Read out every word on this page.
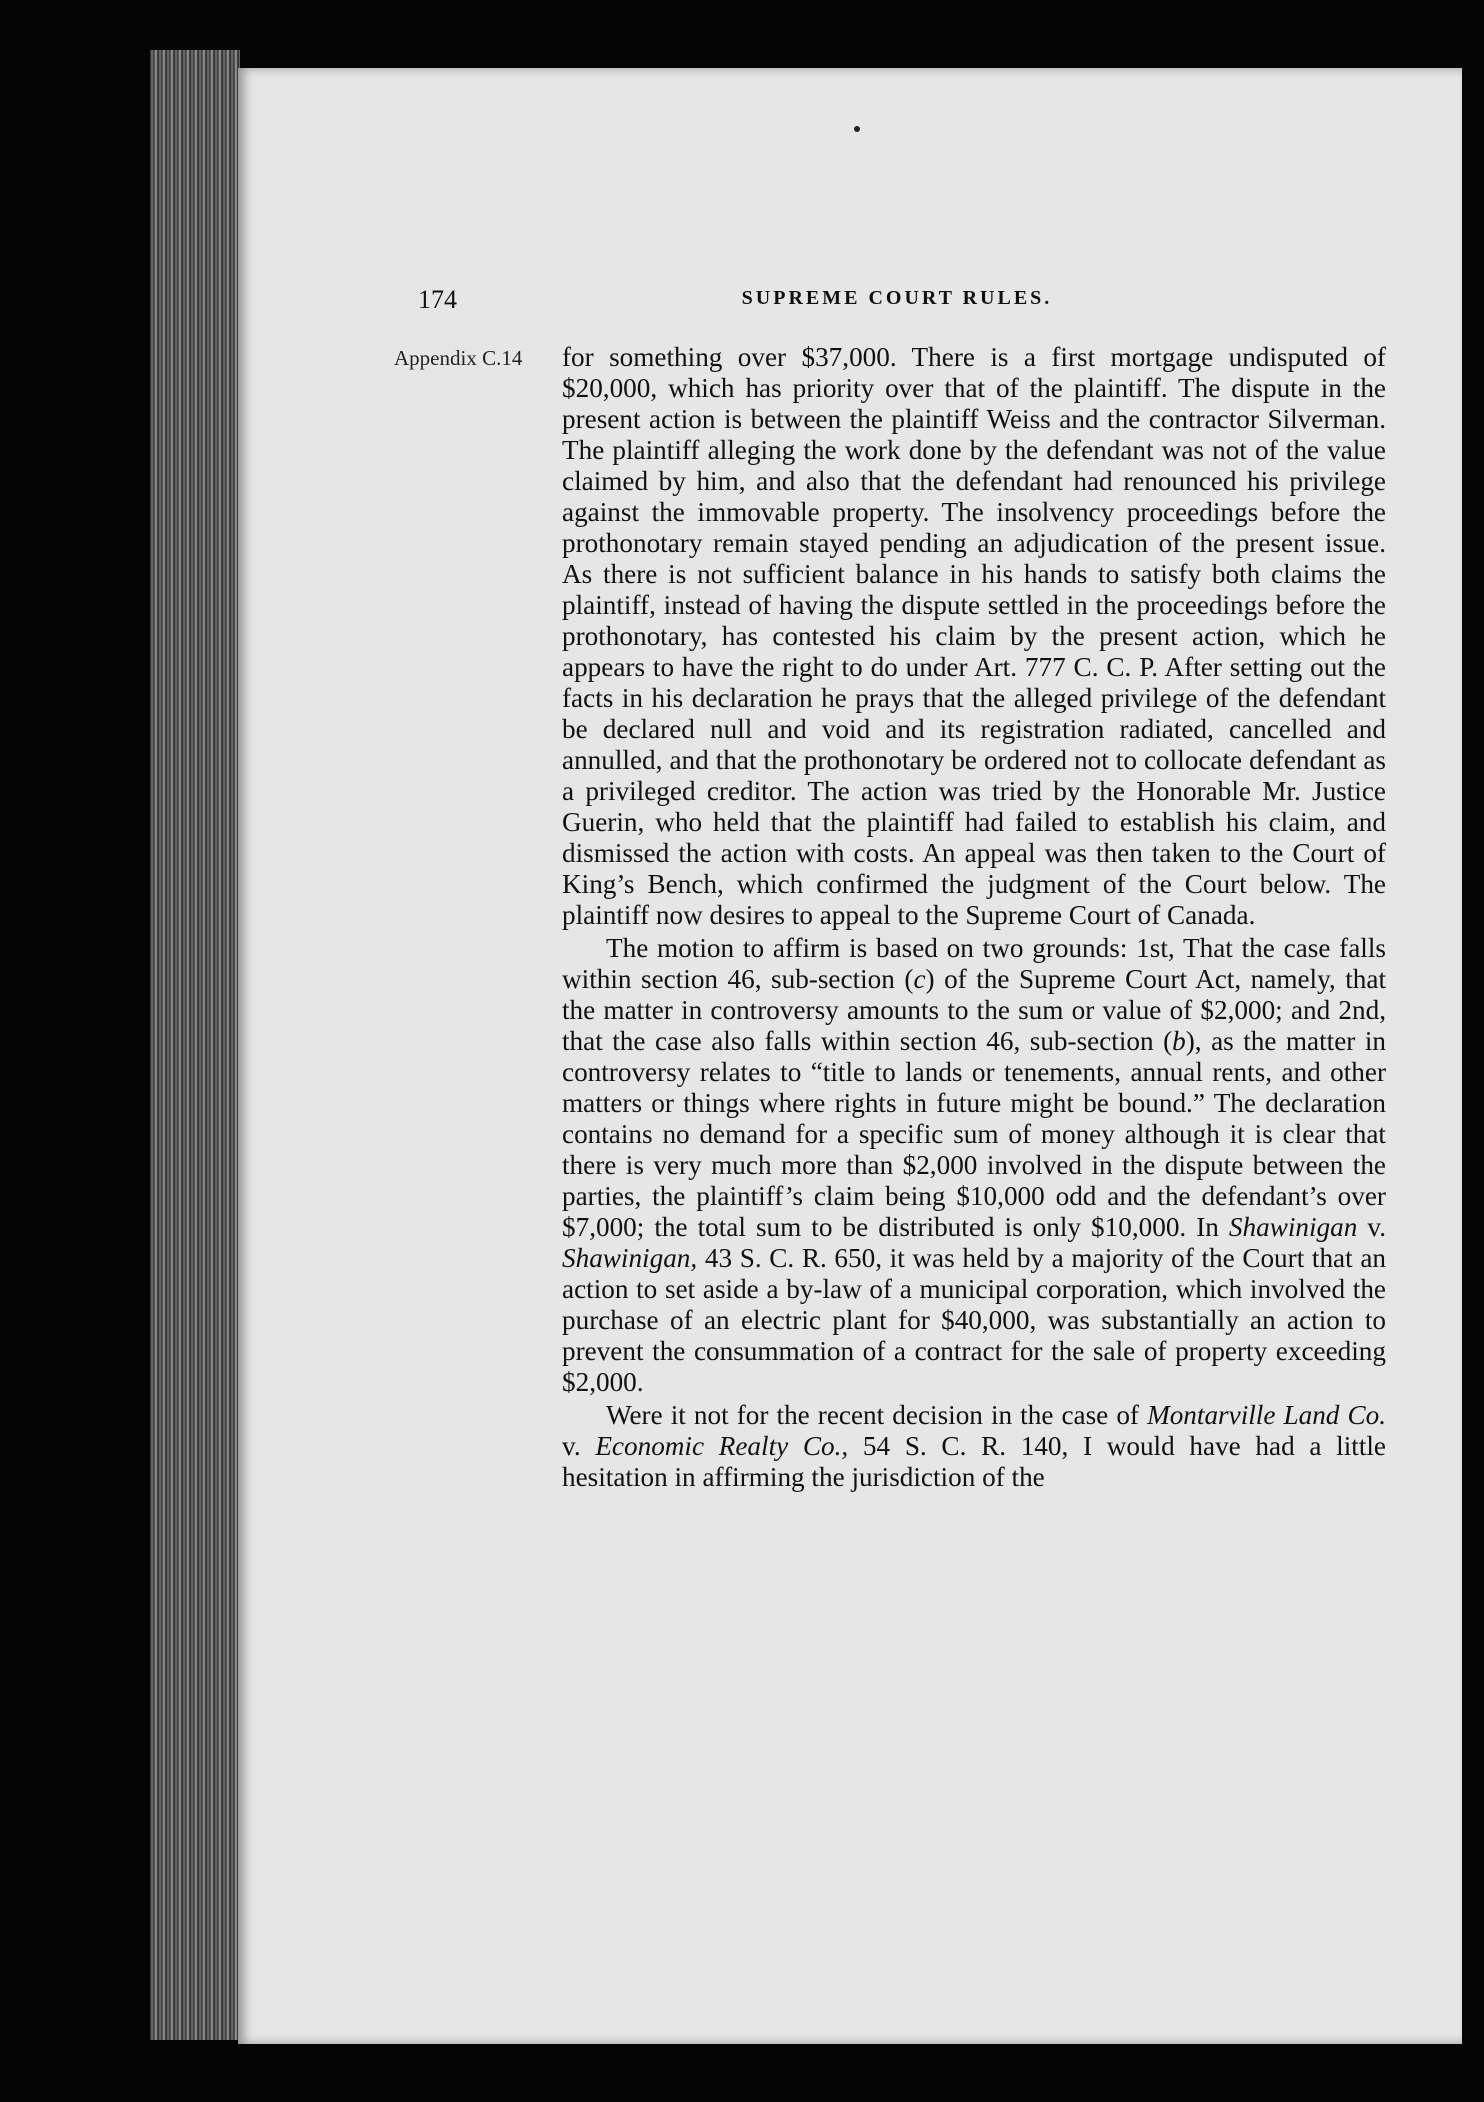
174	SUPREME COURT RULES.
Appendix C.14 for something over $37,000. There is a first mortgage undisputed of $20,000, which has priority over that of the plaintiff. The dispute in the present action is between the plaintiff Weiss and the contractor Silverman. The plaintiff alleging the work done by the defendant was not of the value claimed by him, and also that the defendant had renounced his privilege against the immovable property. The insolvency proceedings before the prothonotary remain stayed pending an adjudication of the present issue. As there is not sufficient balance in his hands to satisfy both claims the plaintiff, instead of having the dispute settled in the proceedings before the prothonotary, has contested his claim by the present action, which he appears to have the right to do under Art. 777 C. C. P. After setting out the facts in his declaration he prays that the alleged privilege of the defendant be declared null and void and its registration radiated, cancelled and annulled, and that the prothonotary be ordered not to collocate defendant as a privileged creditor. The action was tried by the Honorable Mr. Justice Guerin, who held that the plaintiff had failed to establish his claim, and dismissed the action with costs. An appeal was then taken to the Court of King’s Bench, which confirmed the judgment of the Court below. The plaintiff now desires to appeal to the Supreme Court of Canada.

The motion to affirm is based on two grounds: 1st, That the case falls within section 46, sub-section (c) of the Supreme Court Act, namely, that the matter in controversy amounts to the sum or value of $2,000; and 2nd, that the case also falls within section 46, sub-section (b), as the matter in controversy relates to “title to lands or tenements, annual rents, and other matters or things where rights in future might be bound.” The declaration contains no demand for a specific sum of money although it is clear that there is very much more than $2,000 involved in the dispute between the parties, the plaintiff’s claim being $10,000 odd and the defendant’s over $7,000; the total sum to be distributed is only $10,000. In Shawinigan v. Shawinigan, 43 S. C. R. 650, it was held by a majority of the Court that an action to set aside a by-law of a municipal corporation, which involved the purchase of an electric plant for $40,000, was substantially an action to prevent the consummation of a contract for the sale of property exceeding $2,000.

Were it not for the recent decision in the case of Montarville Land Co. v. Economic Realty Co., 54 S. C. R. 140, I would have had a little hesitation in affirming the jurisdiction of the
